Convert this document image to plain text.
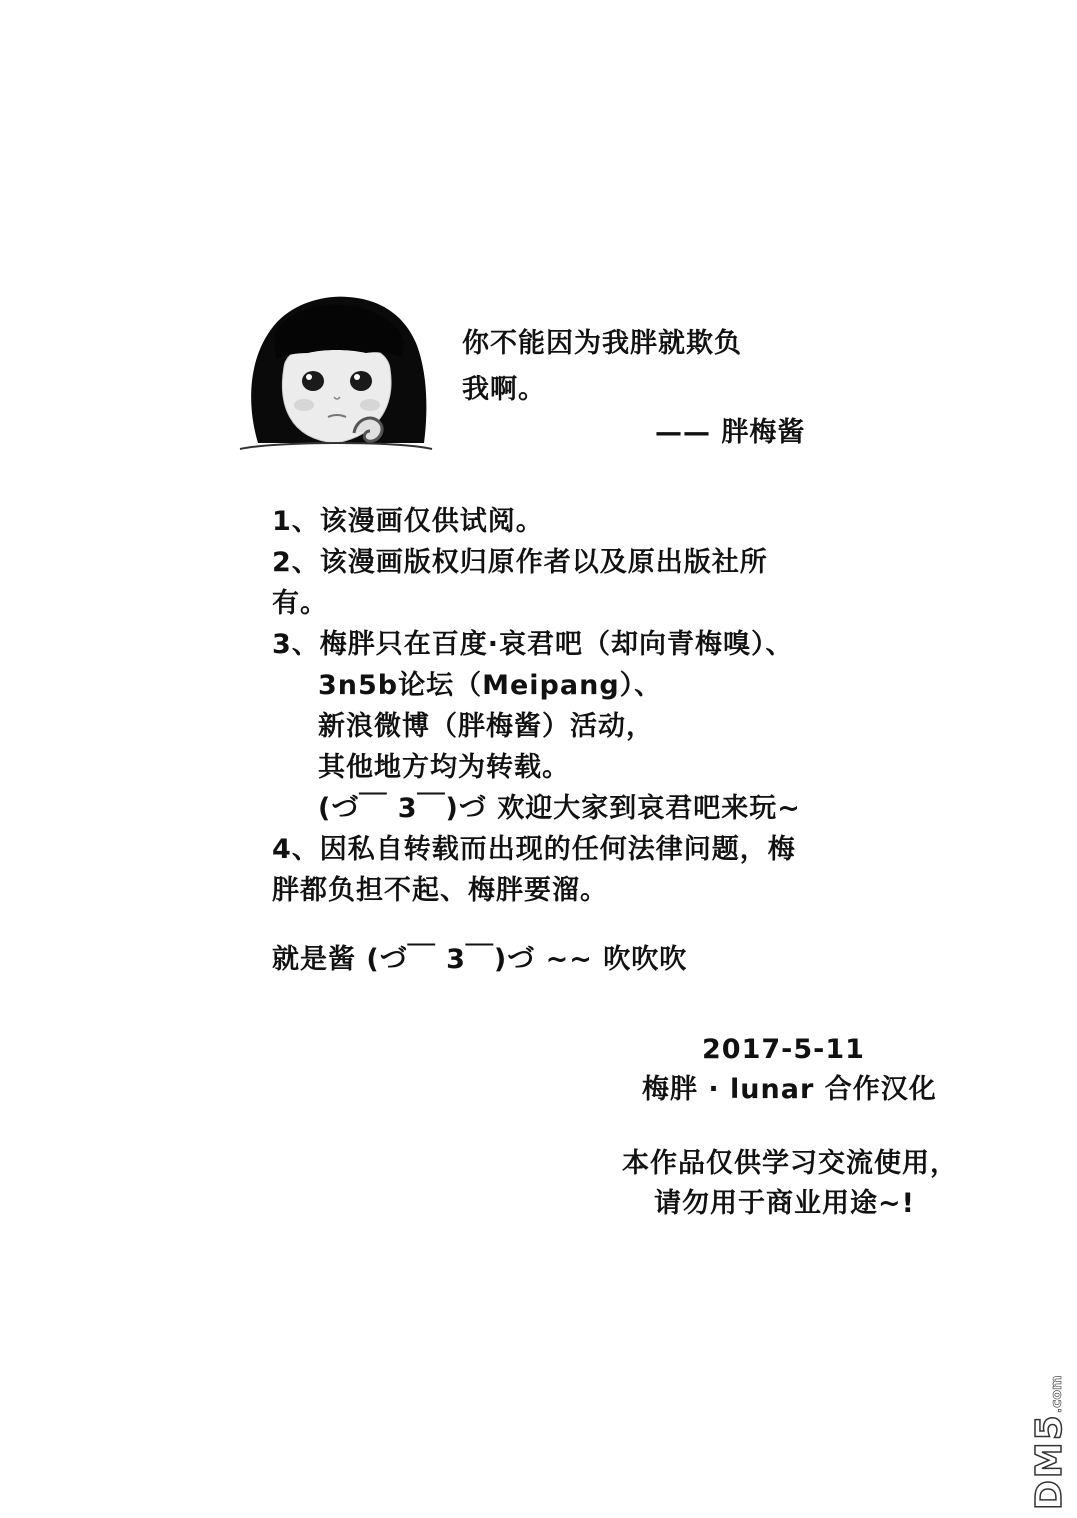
你不能因为我胖就欺负
我啊。
—— 胖梅酱
1、该漫画仅供试阅。
2、该漫画版权归原作者以及原出版社所
有。
3、梅胖只在百度·哀君吧（却向青梅嗅）、
3n5b论坛（Meipang）、
新浪微博（胖梅酱）活动，
其他地方均为转载。
(づ￣ 3￣)づ 欢迎大家到哀君吧来玩~
4、因私自转载而出现的任何法律问题，梅
胖都负担不起、梅胖要溜。
就是酱 (づ￣ 3￣)づ ~~ 吹吹吹
2017-5-11
梅胖 · lunar 合作汉化
本作品仅供学习交流使用，
请勿用于商业用途~!
DM5.com
